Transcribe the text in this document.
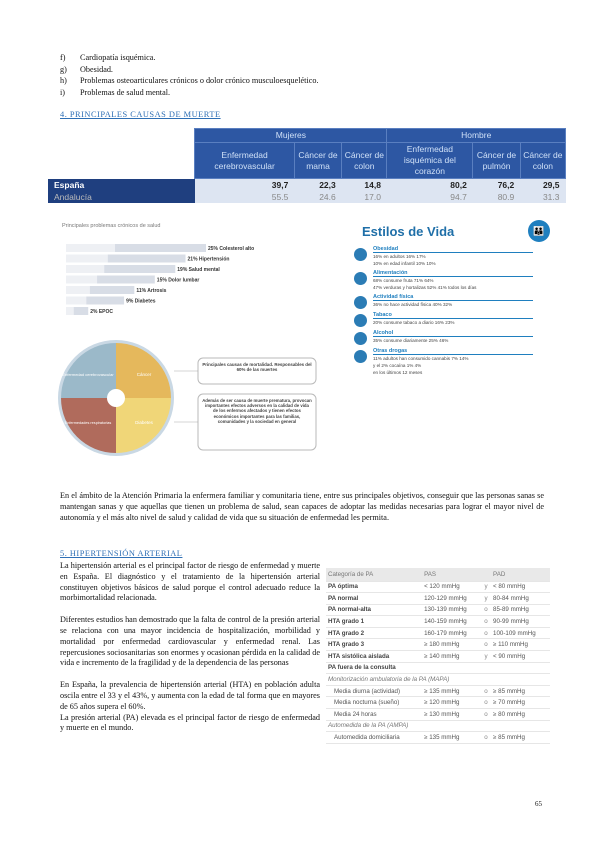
f)	Cardiopatía isquémica.
g)	Obesidad.
h)	Problemas osteoarticulares crónicos o dolor crónico musculoesquelético.
i)	Problemas de salud mental.
4. PRINCIPALES CAUSAS DE MUERTE
	Mujeres			Hombre		
	Enfermedad cerebrovascular	Cáncer de mama	Cáncer de colon	Enfermedad isquémica del corazón	Cáncer de pulmón	Cáncer de colon
España	39,7	22,3	14,8	80,2	76,2	29,5
Andalucía	55.5	24.6	17.0	94.7	80.9	31.3
Principales problemas crónicos de salud
25% Colesterol alto
21% Hipertensión
19% Salud mental
15% Dolor lumbar
11% Artrosis
9% Diabetes
2% EPOC
Enfermedad cerebrovascular	Cáncer
Enfermedades respiratorias	Diabetes
Principales causas de mortalidad. Responsables del 60% de las muertes
Además de ser causa de muerte prematura, provocan importantes efectos adversos en la calidad de vida de los enfermos afectados y tienen efectos económicos importantes para las familias, comunidades y la sociedad en general
Estilos de Vida	👪
Obesidad
16% en adultos 16% 17%
10% en edad infantil 10% 10%
Alimentación
68% consume fruta 71% 64%
47% verduras y hortalizas 52% 41% todos los días
Actividad física
36% no hace actividad física 40% 32%
Tabaco
20% consume tabaco a diario 16% 23%
Alcohol
35% consume diariamente 25% 46%
Otras drogas
11% adultos han consumido cannabis 7% 14%
y el 2% cocaína 1% 4%
en los últimos 12 meses
En el ámbito de la Atención Primaria la enfermera familiar y comunitaria tiene, entre sus principales objetivos, conseguir que las personas sanas se mantengan sanas y que aquellas que tienen un problema de salud, sean capaces de adoptar las medidas necesarias para lograr el mayor nivel de autonomía y el más alto nivel de salud y calidad de vida que su situación de enfermedad les permita.
5. HIPERTENSIÓN ARTERIAL

La hipertensión arterial es el principal factor de riesgo de enfermedad y muerte en España. El diagnóstico y el tratamiento de la hipertensión arterial constituyen objetivos básicos de salud porque el control adecuado reduce la morbimortalidad relacionada.

Diferentes estudios han demostrado que la falta de control de la presión arterial se relaciona con una mayor incidencia de hospitalización, morbilidad y mortalidad por enfermedad cardiovascular y enfermedad renal. Las repercusiones sociosanitarias son enormes y ocasionan pérdida en la calidad de vida e incremento de la fragilidad y de la dependencia de las personas

En España, la prevalencia de hipertensión arterial (HTA) en población adulta oscila entre el 33 y el 43%, y aumenta con la edad de tal forma que en mayores de 65 años supera el 60%.

La presión arterial (PA) elevada es el principal factor de riesgo de enfermedad y muerte en el mundo.

Categoría de PA	PAS		PAD
PA óptima	< 120 mmHg	y	< 80 mmHg
PA normal	120-129 mmHg	y	80-84 mmHg
PA normal-alta	130-139 mmHg	o	85-89 mmHg
HTA grado 1	140-159 mmHg	o	90-99 mmHg
HTA grado 2	160-179 mmHg	o	100-109 mmHg
HTA grado 3	≥ 180 mmHg	o	≥ 110 mmHg
HTA sistólica aislada	≥ 140 mmHg	y	< 90 mmHg
PA fuera de la consulta			
Monitorización ambulatoria de la PA (MAPA)			
Media diurna (actividad)	≥ 135 mmHg	o	≥ 85 mmHg
Media nocturna (sueño)	≥ 120 mmHg	o	≥ 70 mmHg
Media 24 horas	≥ 130 mmHg	o	≥ 80 mmHg
Automedida de la PA (AMPA)			
Automedida domiciliaria	≥ 135 mmHg	o	≥ 85 mmHg
65
